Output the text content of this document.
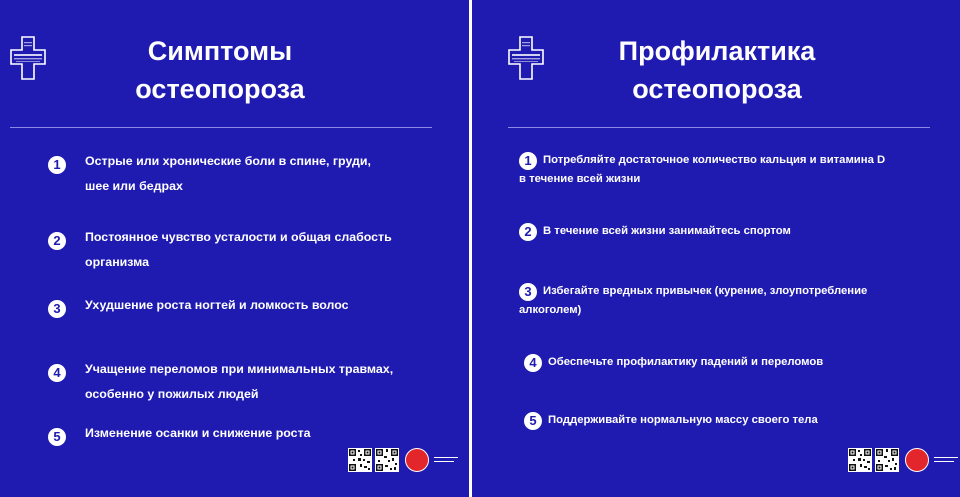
Симптомы
остеопороза
1	Острые или хронические боли в спине, груди, шее или бедрах
2	Постоянное чувство усталости и общая слабость организма
3	Ухудшение роста ногтей и ломкость волос
4	Учащение переломов при минимальных травмах, особенно у пожилых людей
5	Изменение осанки и снижение роста
Профилактика
остеопороза
1 Потребляйте достаточное количество кальция и витамина D в течение всей жизни
2 В течение всей жизни занимайтесь спортом
3 Избегайте вредных привычек (курение, злоупотребление алкоголем)
4 Обеспечьте профилактику падений и переломов
5 Поддерживайте нормальную массу своего тела
